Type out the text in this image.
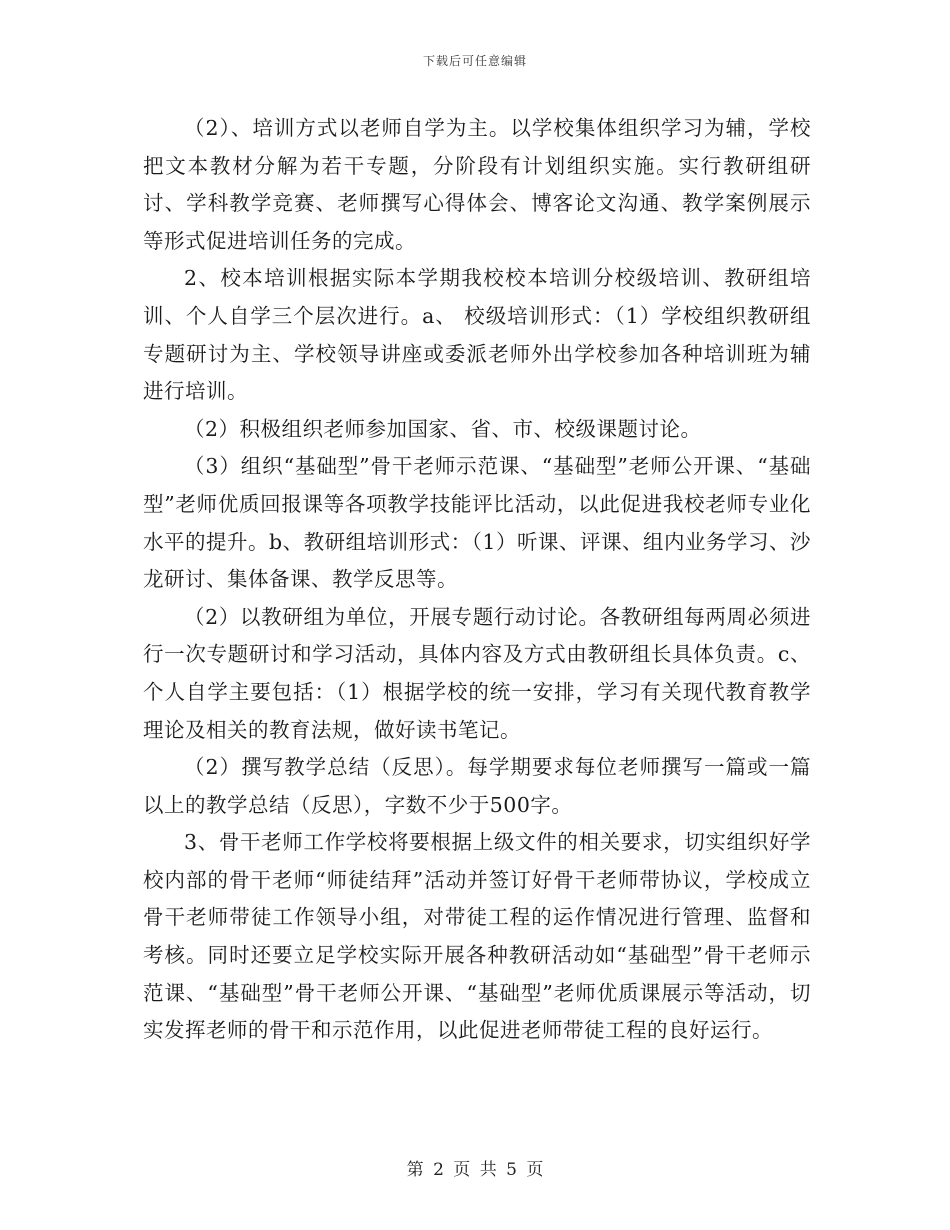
下载后可任意编辑

（2）、培训方式以老师自学为主。以学校集体组织学习为辅，学校把文本教材分解为若干专题，分阶段有计划组织实施。实行教研组研讨、学科教学竞赛、老师撰写心得体会、博客论文沟通、教学案例展示等形式促进培训任务的完成。

2、校本培训根据实际本学期我校校本培训分校级培训、教研组培训、个人自学三个层次进行。a、 校级培训形式：（1）学校组织教研组专题研讨为主、学校领导讲座或委派老师外出学校参加各种培训班为辅进行培训。

（2）积极组织老师参加国家、省、市、校级课题讨论。

（3）组织“基础型”骨干老师示范课、“基础型”老师公开课、“基础型”老师优质回报课等各项教学技能评比活动，以此促进我校老师专业化水平的提升。b、教研组培训形式：（1）听课、评课、组内业务学习、沙龙研讨、集体备课、教学反思等。

（2）以教研组为单位，开展专题行动讨论。各教研组每两周必须进行一次专题研讨和学习活动，具体内容及方式由教研组长具体负责。c、个人自学主要包括：（1）根据学校的统一安排，学习有关现代教育教学理论及相关的教育法规，做好读书笔记。

（2）撰写教学总结（反思）。每学期要求每位老师撰写一篇或一篇以上的教学总结（反思），字数不少于500字。

3、骨干老师工作学校将要根据上级文件的相关要求，切实组织好学校内部的骨干老师“师徒结拜”活动并签订好骨干老师带协议，学校成立骨干老师带徒工作领导小组，对带徒工程的运作情况进行管理、监督和考核。同时还要立足学校实际开展各种教研活动如“基础型”骨干老师示范课、“基础型”骨干老师公开课、“基础型”老师优质课展示等活动，切实发挥老师的骨干和示范作用，以此促进老师带徒工程的良好运行。

第 2 页 共 5 页
